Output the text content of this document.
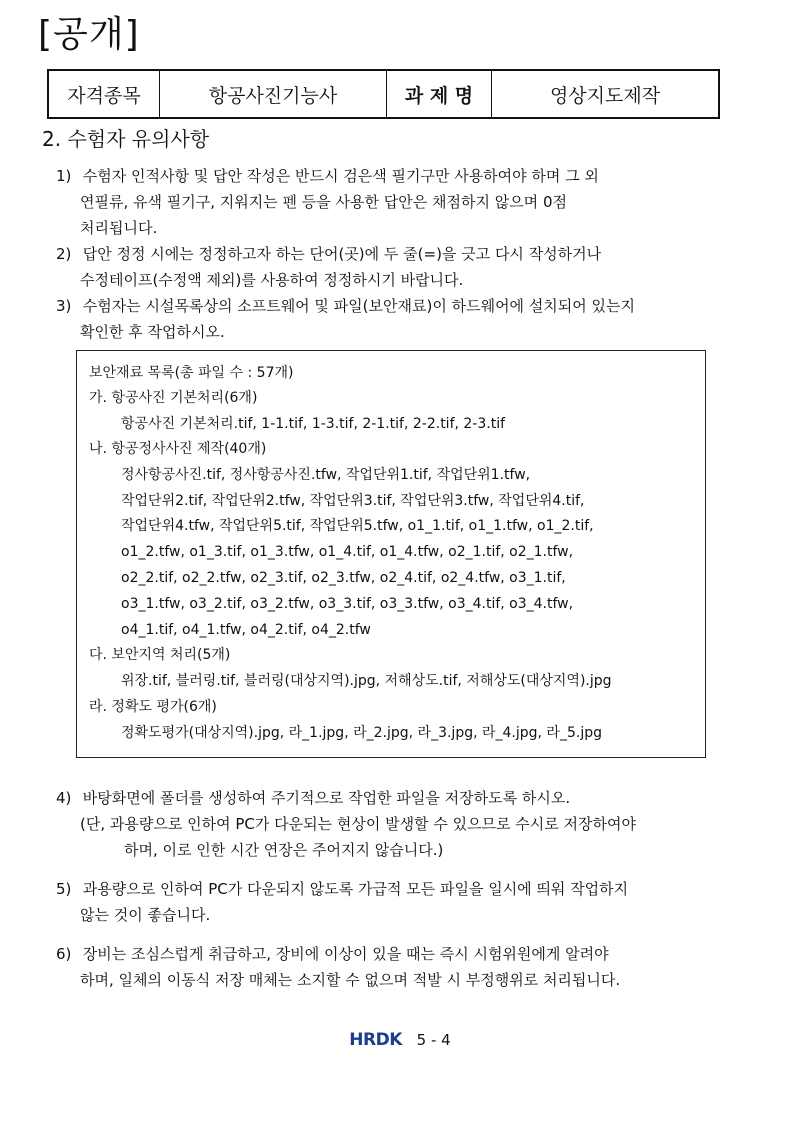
[공개]
자격종목	항공사진기능사	과 제 명	영상지도제작
2. 수험자 유의사항
1) 수험자 인적사항 및 답안 작성은 반드시 검은색 필기구만 사용하여야 하며 그 외
연필류, 유색 필기구, 지워지는 펜 등을 사용한 답안은 채점하지 않으며 0점
처리됩니다.
2) 답안 정정 시에는 정정하고자 하는 단어(곳)에 두 줄(=)을 긋고 다시 작성하거나
수정테이프(수정액 제외)를 사용하여 정정하시기 바랍니다.
3) 수험자는 시설목록상의 소프트웨어 및 파일(보안재료)이 하드웨어에 설치되어 있는지
확인한 후 작업하시오.
보안재료 목록(총 파일 수 : 57개)
가. 항공사진 기본처리(6개)
항공사진 기본처리.tif, 1-1.tif, 1-3.tif, 2-1.tif, 2-2.tif, 2-3.tif
나. 항공정사사진 제작(40개)
정사항공사진.tif, 정사항공사진.tfw, 작업단위1.tif, 작업단위1.tfw,
작업단위2.tif, 작업단위2.tfw, 작업단위3.tif, 작업단위3.tfw, 작업단위4.tif,
작업단위4.tfw, 작업단위5.tif, 작업단위5.tfw, o1_1.tif, o1_1.tfw, o1_2.tif,
o1_2.tfw, o1_3.tif, o1_3.tfw, o1_4.tif, o1_4.tfw, o2_1.tif, o2_1.tfw,
o2_2.tif, o2_2.tfw, o2_3.tif, o2_3.tfw, o2_4.tif, o2_4.tfw, o3_1.tif,
o3_1.tfw, o3_2.tif, o3_2.tfw, o3_3.tif, o3_3.tfw, o3_4.tif, o3_4.tfw,
o4_1.tif, o4_1.tfw, o4_2.tif, o4_2.tfw
다. 보안지역 처리(5개)
위장.tif, 블러링.tif, 블러링(대상지역).jpg, 저해상도.tif, 저해상도(대상지역).jpg
라. 정확도 평가(6개)
정확도평가(대상지역).jpg, 라_1.jpg, 라_2.jpg, 라_3.jpg, 라_4.jpg, 라_5.jpg
4) 바탕화면에 폴더를 생성하여 주기적으로 작업한 파일을 저장하도록 하시오.
(단, 과용량으로 인하여 PC가 다운되는 현상이 발생할 수 있으므로 수시로 저장하여야
하며, 이로 인한 시간 연장은 주어지지 않습니다.)
5) 과용량으로 인하여 PC가 다운되지 않도록 가급적 모든 파일을 일시에 띄워 작업하지
않는 것이 좋습니다.
6) 장비는 조심스럽게 취급하고, 장비에 이상이 있을 때는 즉시 시험위원에게 알려야
하며, 일체의 이동식 저장 매체는 소지할 수 없으며 적발 시 부정행위로 처리됩니다.
HRDK 5 - 4
